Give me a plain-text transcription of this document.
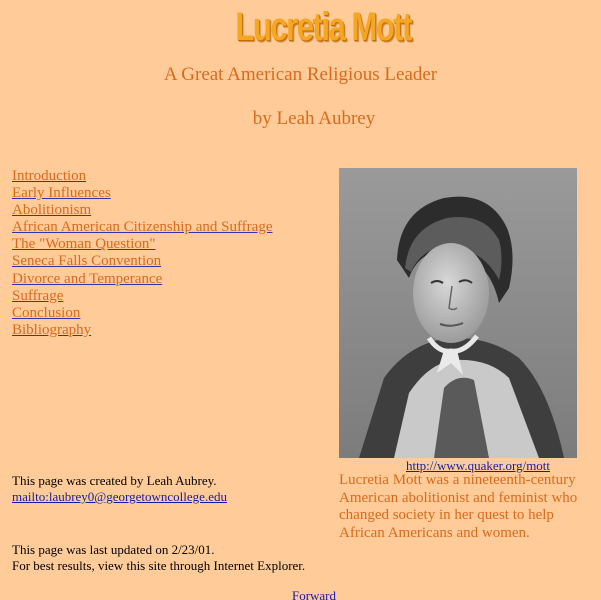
Lucretia Mott
A Great American Religious Leader
by Leah Aubrey
Introduction
Early Influences
Abolitionism
African American Citizenship and Suffrage
The "Woman Question"
Seneca Falls Convention
Divorce and Temperance
Suffrage
Conclusion
Bibliography
http://www.quaker.org/mott
Lucretia Mott was a nineteenth-century American abolitionist and feminist who changed society in her quest to help African Americans and women.
This page was created by Leah Aubrey.
mailto:laubrey0@georgetowncollege.edu
This page was last updated on 2/23/01.
For best results, view this site through Internet Explorer.
Forward
